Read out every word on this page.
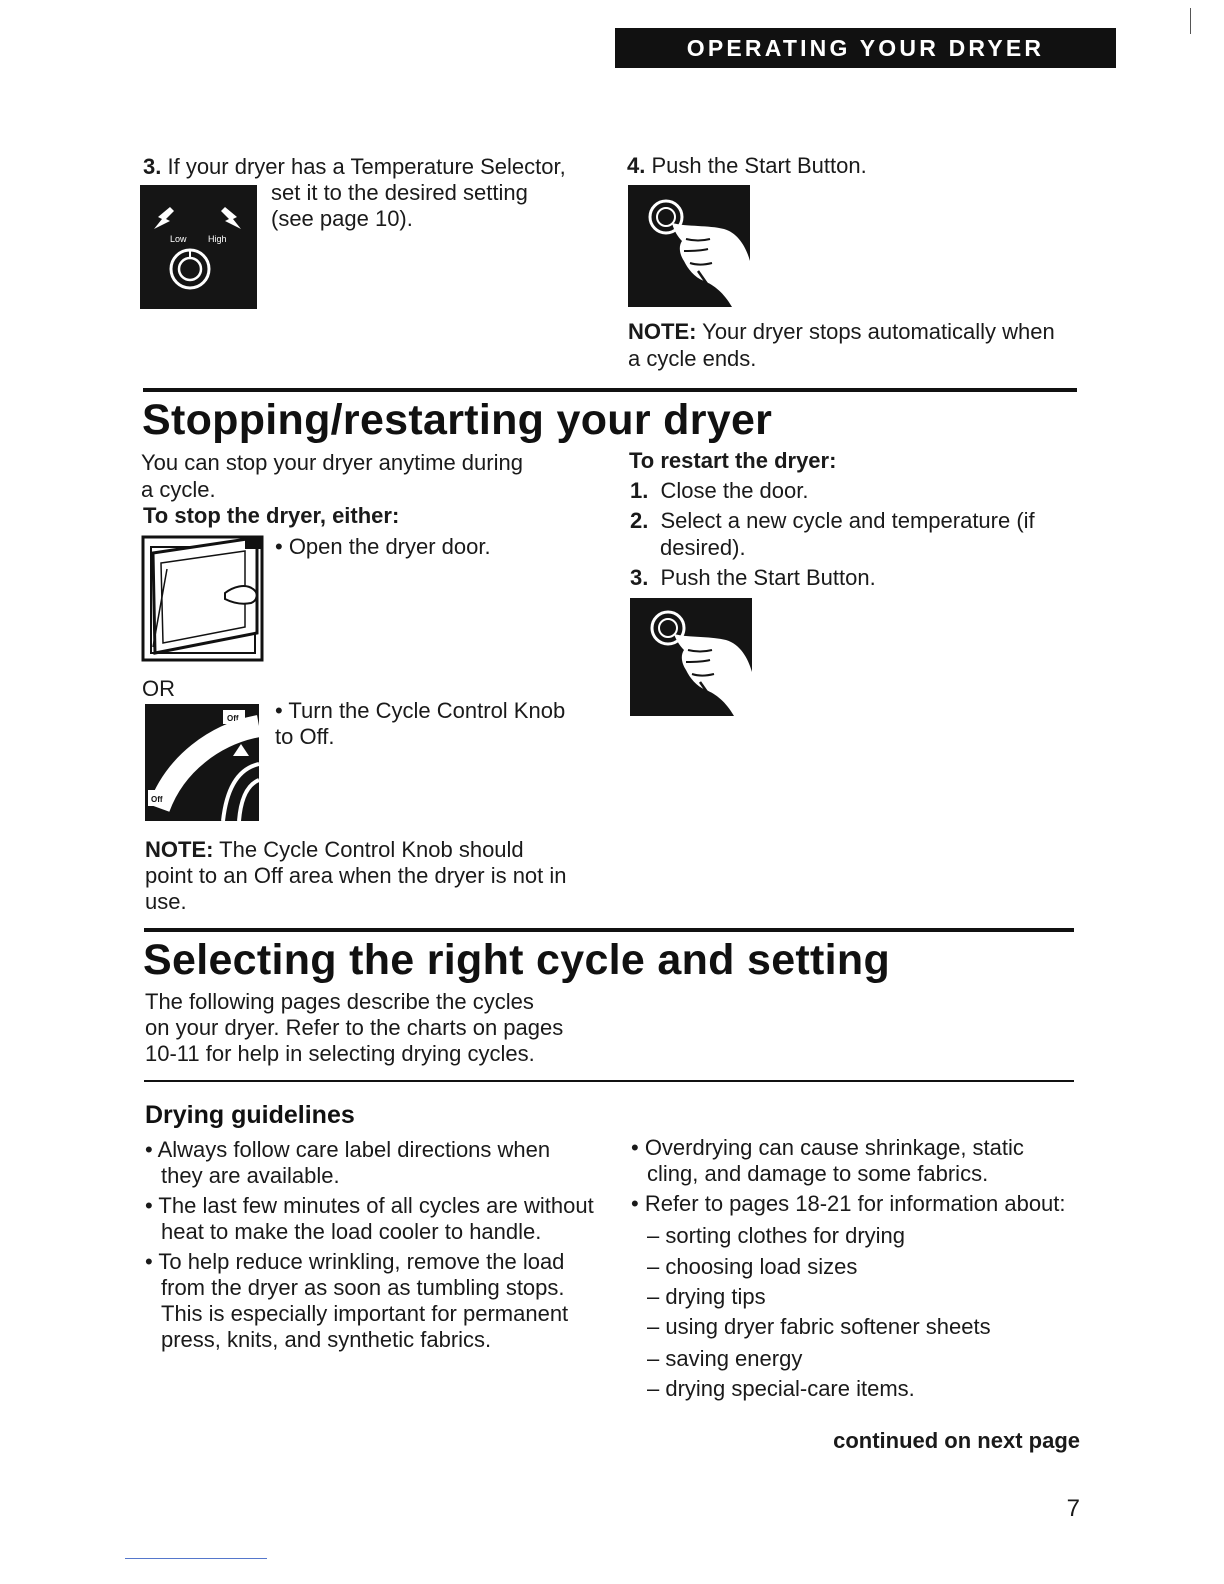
OPERATING YOUR DRYER
3. If your dryer has a Temperature Selector,
Low High
set it to the desired setting
(see page 10).
4. Push the Start Button.
NOTE: Your dryer stops automatically when
a cycle ends.
Stopping/restarting your dryer
You can stop your dryer anytime during
a cycle.
To stop the dryer, either:
• Open the dryer door.
OR
Off
Off
• Turn the Cycle Control Knob
to Off.
NOTE: The Cycle Control Knob should
point to an Off area when the dryer is not in
use.
To restart the dryer:
1. Close the door.
2. Select a new cycle and temperature (if
desired).
3. Push the Start Button.
Selecting the right cycle and setting
The following pages describe the cycles
on your dryer. Refer to the charts on pages
10-11 for help in selecting drying cycles.
Drying guidelines
• Always follow care label directions when
they are available.
• The last few minutes of all cycles are without
heat to make the load cooler to handle.
• To help reduce wrinkling, remove the load
from the dryer as soon as tumbling stops.
This is especially important for permanent
press, knits, and synthetic fabrics.
• Overdrying can cause shrinkage, static
cling, and damage to some fabrics.
• Refer to pages 18-21 for information about:
– sorting clothes for drying
– choosing load sizes
– drying tips
– using dryer fabric softener sheets
– saving energy
– drying special-care items.
continued on next page
7
